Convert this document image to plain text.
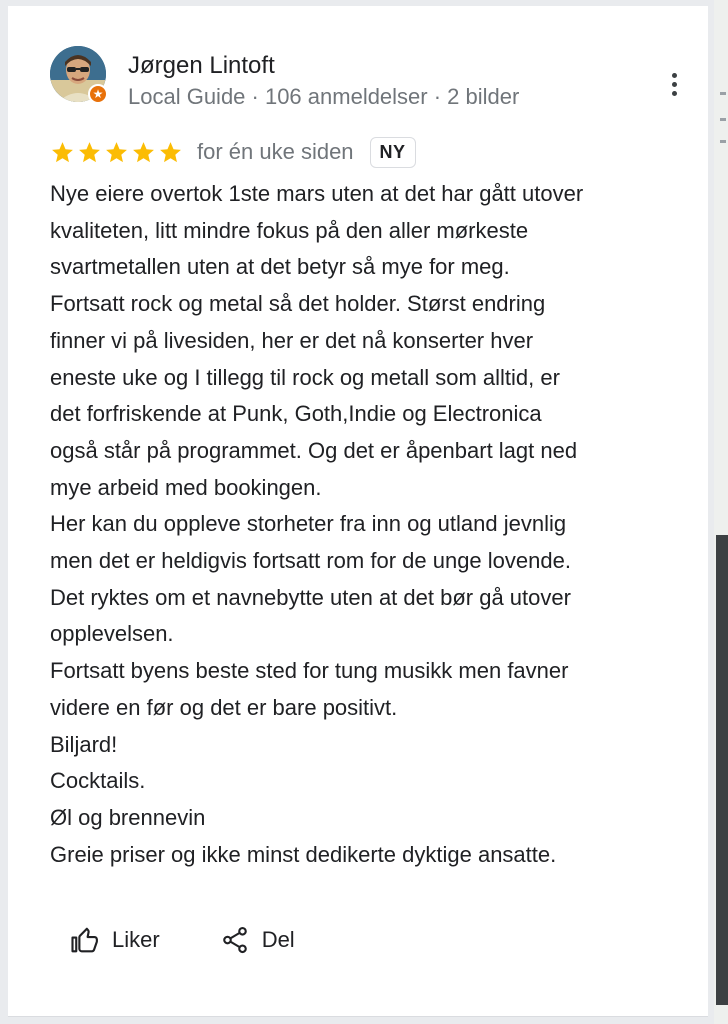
★
Jørgen Lintoft
Local Guide · 106 anmeldelser · 2 bilder
for én uke siden	NY
Nye eiere overtok 1ste mars uten at det har gått utover
kvaliteten, litt mindre fokus på den aller mørkeste
svartmetallen uten at det betyr så mye for meg.
Fortsatt rock og metal så det holder. Størst endring
finner vi på livesiden, her er det nå konserter hver
eneste uke og I tillegg til rock og metall som alltid, er
det forfriskende at Punk, Goth,Indie og Electronica
også står på programmet. Og det er åpenbart lagt ned
mye arbeid med bookingen.
Her kan du oppleve storheter fra inn og utland jevnlig
men det er heldigvis fortsatt rom for de unge lovende.
Det ryktes om et navnebytte uten at det bør gå utover
opplevelsen.
Fortsatt byens beste sted for tung musikk men favner
videre en før og det er bare positivt.
Biljard!
Cocktails.
Øl og brennevin
Greie priser og ikke minst dedikerte dyktige ansatte.
Liker	Del
